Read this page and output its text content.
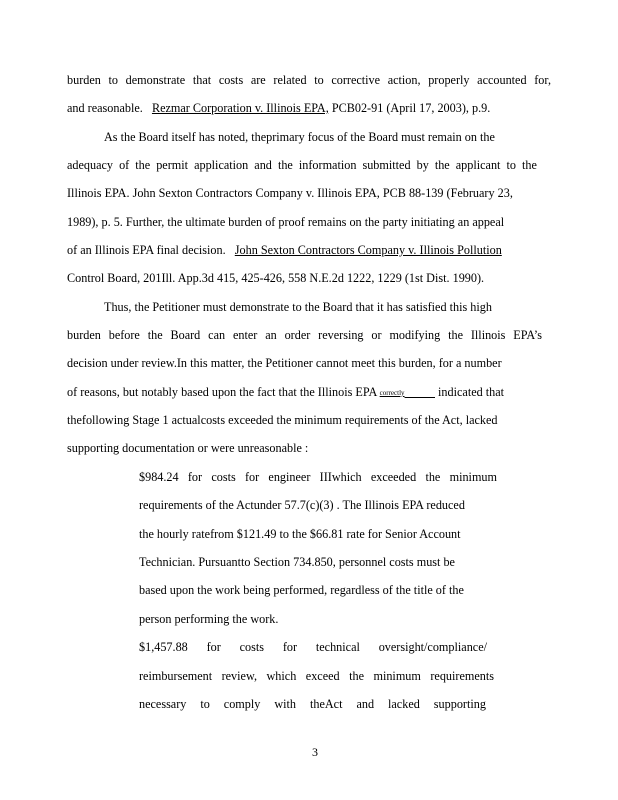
burden to demonstrate that costs are related to corrective action, properly accounted for,
and reasonable. Rezmar Corporation v. Illinois EPA, PCB02-91 (April 17, 2003), p.9.
As the Board itself has noted, theprimary focus of the Board must remain on the
adequacy of the permit application and the information submitted by the applicant to the
Illinois EPA. John Sexton Contractors Company v. Illinois EPA, PCB 88-139 (February 23,
1989), p. 5. Further, the ultimate burden of proof remains on the party initiating an appeal
of an Illinois EPA final decision. John Sexton Contractors Company v. Illinois Pollution
Control Board, 201Ill. App.3d 415, 425-426, 558 N.E.2d 1222, 1229 (1st Dist. 1990).
Thus, the Petitioner must demonstrate to the Board that it has satisfied this high
burden before the Board can enter an order reversing or modifying the Illinois EPA’s
decision under review.In this matter, the Petitioner cannot meet this burden, for a number
of reasons, but notably based upon the fact that the Illinois EPA correctly	indicated that
thefollowing Stage 1 actualcosts exceeded the minimum requirements of the Act, lacked
supporting documentation or were unreasonable :
$984.24 for costs for engineer IIIwhich exceeded the minimum
requirements of the Actunder 57.7(c)(3) . The Illinois EPA reduced
the hourly ratefrom $121.49 to the $66.81 rate for Senior Account
Technician. Pursuantto Section 734.850, personnel costs must be
based upon the work being performed, regardless of the title of the
person performing the work.
$1,457.88 for costs for technical oversight/compliance/
reimbursement review, which exceed the minimum requirements
necessary to comply with theAct and lacked supporting
3
